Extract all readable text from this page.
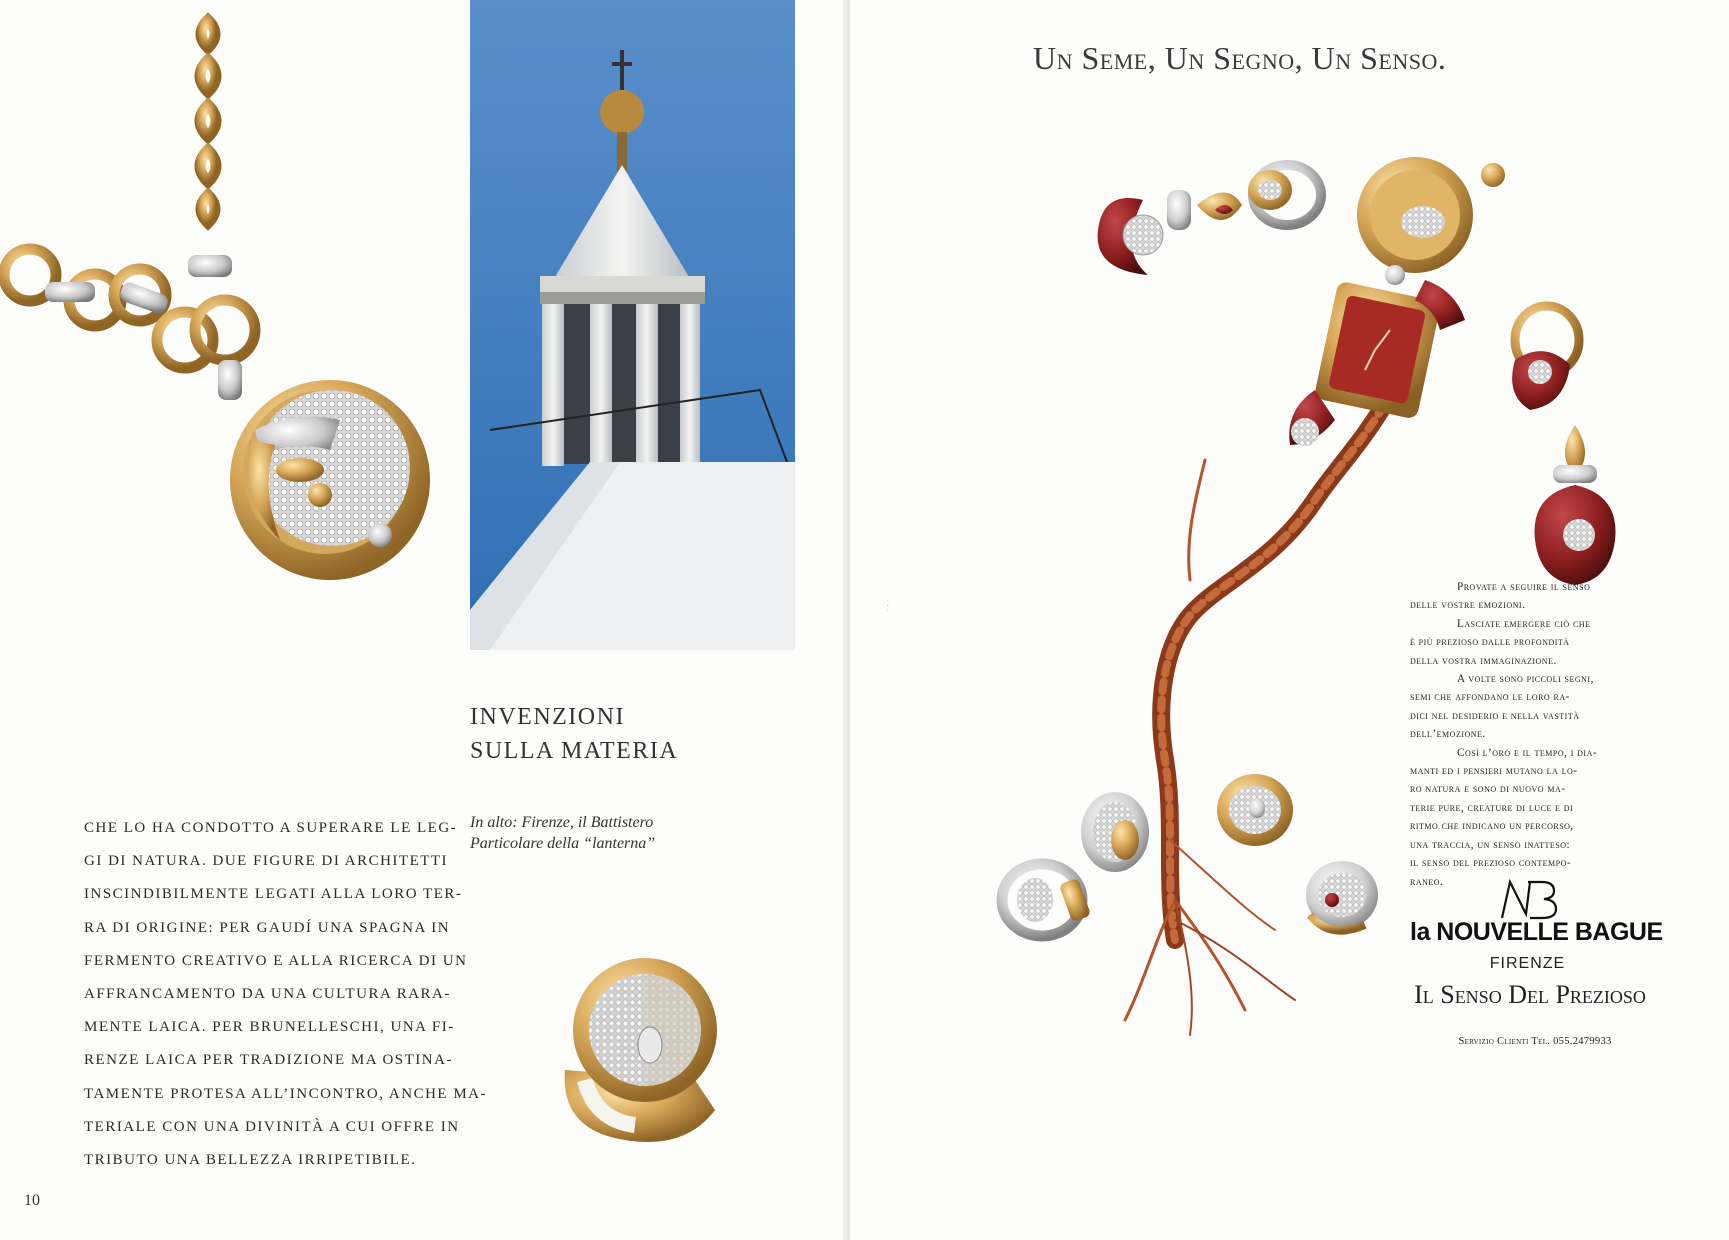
INVENZIONI
SULLA MATERIA
In alto: Firenze, il Battistero
Particolare della “lanterna”
CHE LO HA CONDOTTO A SUPERARE LE LEG-
GI DI NATURA. DUE FIGURE DI ARCHITETTI
INSCINDIBILMENTE LEGATI ALLA LORO TER-
RA DI ORIGINE: PER GAUDÍ UNA SPAGNA IN
FERMENTO CREATIVO E ALLA RICERCA DI UN
AFFRANCAMENTO DA UNA CULTURA RARA-
MENTE LAICA. PER BRUNELLESCHI, UNA FI-
RENZE LAICA PER TRADIZIONE MA OSTINA-
TAMENTE PROTESA ALL’INCONTRO, ANCHE MA-
TERIALE CON UNA DIVINITÀ A CUI OFFRE IN
TRIBUTO UNA BELLEZZA IRRIPETIBILE.
10
Un Seme, Un Segno, Un Senso.
· · ·
Provate a seguire il senso
delle vostre emozioni.
Lasciate emergere ciò che
è più prezioso dalle profondità
della vostra immaginazione.
A volte sono piccoli segni,
semi che affondano le loro ra-
dici nel desiderio e nella vastità
dell’emozione.
Così l’oro e il tempo, i dia-
manti ed i pensieri mutano la lo-
ro natura e sono di nuovo ma-
terie pure, creature di luce e di
ritmo che indicano un percorso,
una traccia, un senso inatteso:
il senso del prezioso contempo-
raneo.
la NOUVELLE BAGUE
FIRENZE
Il Senso Del Prezioso
Servizio Clienti Tel. 055.2479933
